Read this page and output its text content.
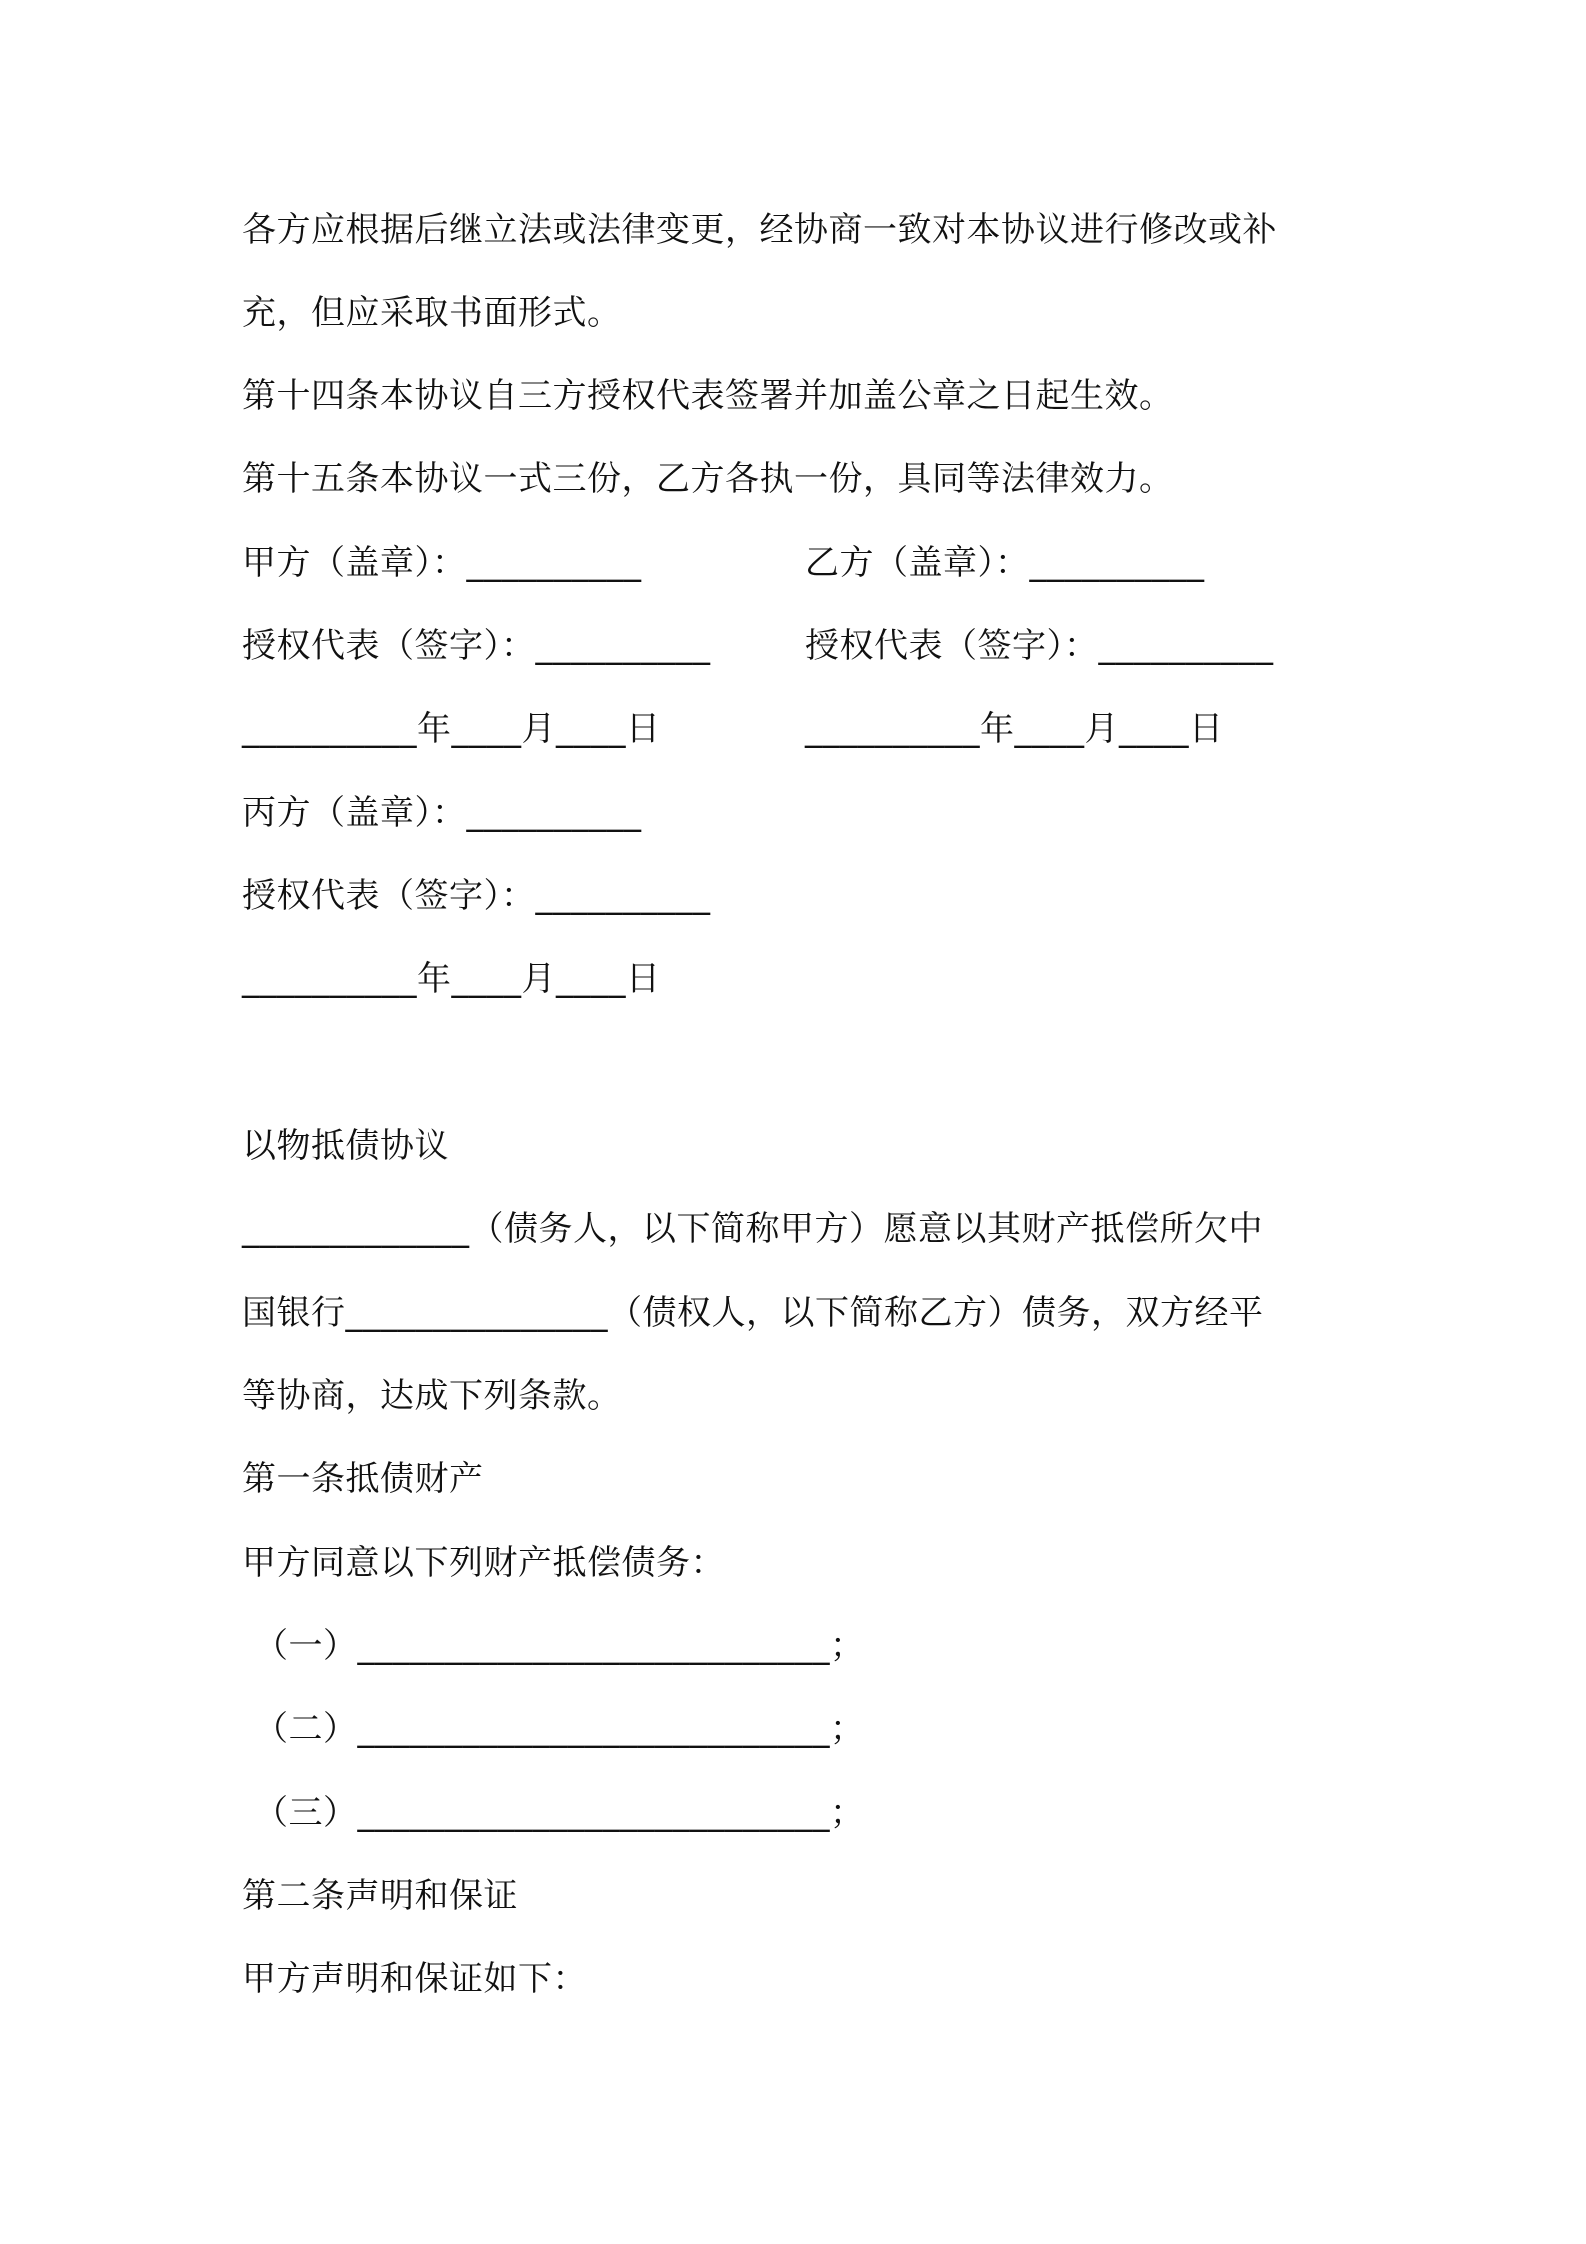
各方应根据后继立法或法律变更，经协商一致对本协议进行修改或补
充，但应采取书面形式。
第十四条本协议自三方授权代表签署并加盖公章之日起生效。
第十五条本协议一式三份，乙方各执一份，具同等法律效力。
甲方（盖章）：__________	乙方（盖章）：__________
授权代表（签字）：__________	授权代表（签字）：__________
__________年____月____日	__________年____月____日
丙方（盖章）：__________
授权代表（签字）：__________
__________年____月____日
以物抵债协议
_____________（债务人，以下简称甲方）愿意以其财产抵偿所欠中
国银行_______________（债权人，以下简称乙方）债务，双方经平
等协商，达成下列条款。
第一条抵债财产
甲方同意以下列财产抵偿债务：
（一）___________________________；
（二）___________________________；
（三）___________________________；
第二条声明和保证
甲方声明和保证如下：
